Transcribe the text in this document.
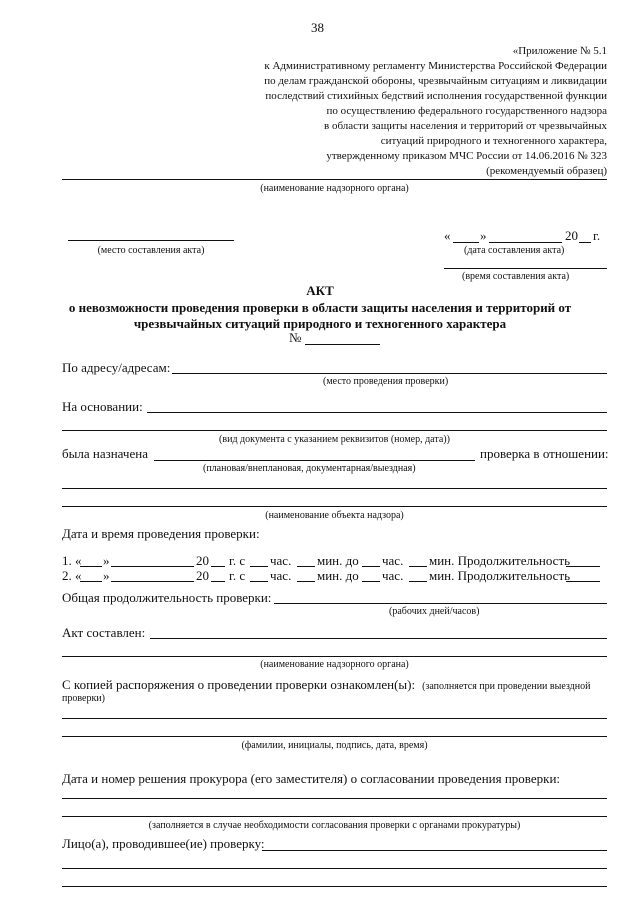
38
«Приложение № 5.1
к Административному регламенту Министерства Российской Федерации
по делам гражданской обороны, чрезвычайным ситуациям и ликвидации
последствий стихийных бедствий исполнения государственной функции
по осуществлению федерального государственного надзора
в области защиты населения и территорий от чрезвычайных
ситуаций природного и техногенного характера,
утвержденному приказом МЧС России от 14.06.2016 № 323
(рекомендуемый образец)
(наименование надзорного органа)
(место составления акта)
« »	20 г.
(дата составления акта)
(время составления акта)
АКТ
о невозможности проведения проверки в области защиты населения и территорий от
чрезвычайных ситуаций природного и техногенного характера
№
По адресу/адресам:
(место проведения проверки)
На основании:
(вид документа с указанием реквизитов (номер, дата))
была назначена	проверка в отношении:
(плановая/внеплановая, документарная/выездная)
(наименование объекта надзора)
Дата и время проведения проверки:
1. « »	20 г. с час. мин. до час. мин. Продолжительность
2. « »	20 г. с час. мин. до час. мин. Продолжительность
Общая продолжительность проверки:
(рабочих дней/часов)
Акт составлен:
(наименование надзорного органа)
С копией распоряжения о проведении проверки ознакомлен(ы): (заполняется при проведении выездной
проверки)
(фамилии, инициалы, подпись, дата, время)
Дата и номер решения прокурора (его заместителя) о согласовании проведения проверки:
(заполняется в случае необходимости согласования проверки с органами прокуратуры)
Лицо(а), проводившее(ие) проверку:
